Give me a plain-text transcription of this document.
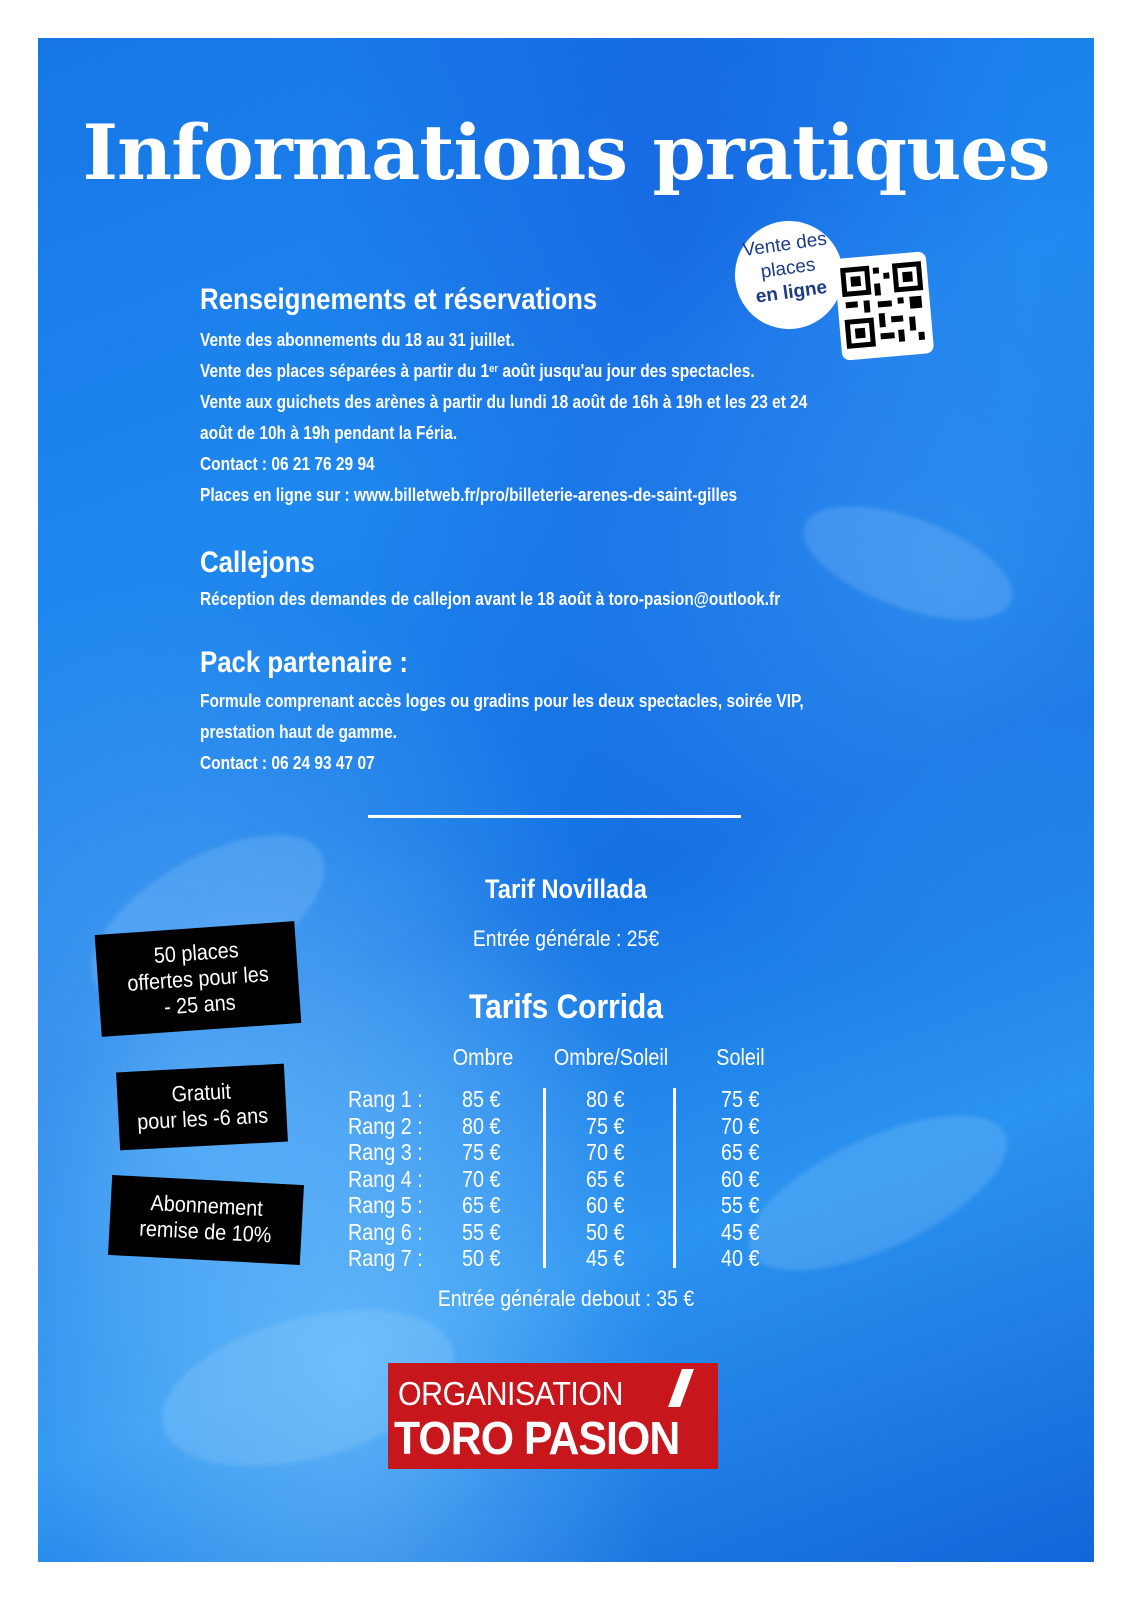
Informations pratiques
Vente des
places
en ligne
Renseignements et réservations
Vente des abonnements du 18 au 31 juillet.
Vente des places séparées à partir du 1er août jusqu'au jour des spectacles.
Vente aux guichets des arènes à partir du lundi 18 août de 16h à 19h et les 23 et 24
août de 10h à 19h pendant la Féria.
Contact : 06 21 76 29 94
Places en ligne sur : www.billetweb.fr/pro/billeterie-arenes-de-saint-gilles
Callejons
Réception des demandes de callejon avant le 18 août à toro-pasion@outlook.fr
Pack partenaire :
Formule comprenant accès loges ou gradins pour les deux spectacles, soirée VIP,
prestation haut de gamme.
Contact : 06 24 93 47 07
Tarif Novillada
Entrée générale : 25€
Tarifs Corrida
Ombre	Ombre/Soleil	Soleil
Rang 1 :
Rang 2 :
Rang 3 :
Rang 4 :
Rang 5 :
Rang 6 :
Rang 7 :
85 €
80 €
75 €
70 €
65 €
55 €
50 €
80 €
75 €
70 €
65 €
60 €
50 €
45 €
75 €
70 €
65 €
60 €
55 €
45 €
40 €
Entrée générale debout : 35 €
50 places
offertes pour les
- 25 ans
Gratuit
pour les -6 ans
Abonnement
remise de 10%
ORGANISATION
TORO PASION
